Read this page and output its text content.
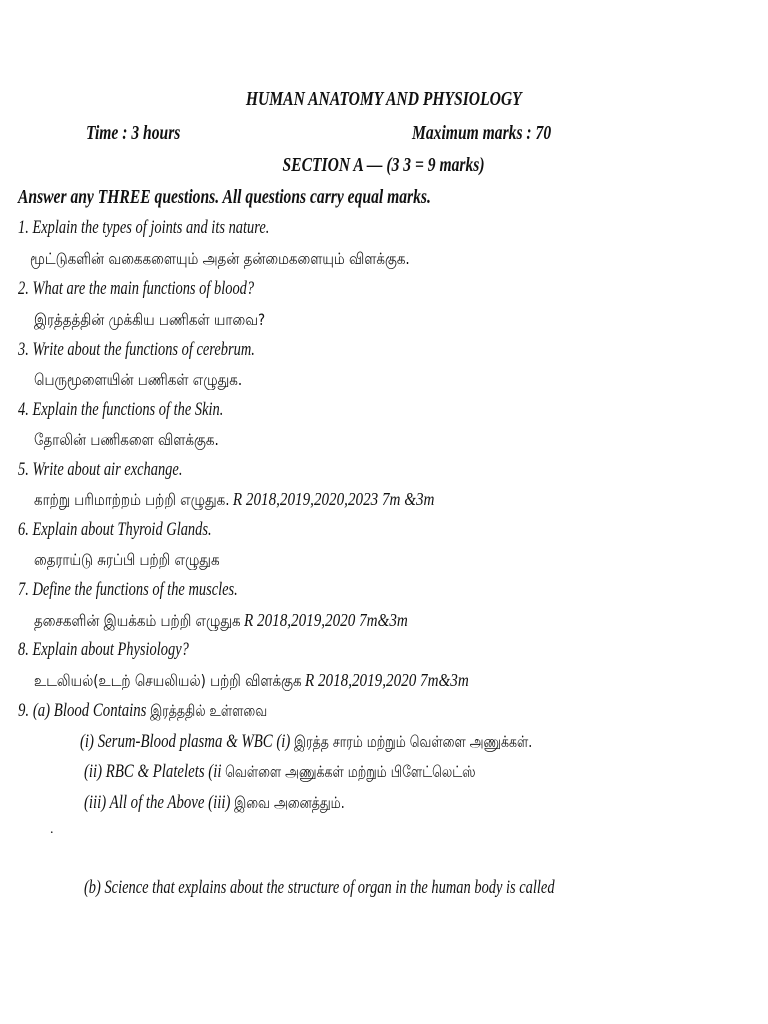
HUMAN ANATOMY AND PHYSIOLOGY
Time : 3 hours	Maximum marks : 70
SECTION A — (3 3 = 9 marks)
Answer any THREE questions. All questions carry equal marks.
1. Explain the types of joints and its nature.
மூட்டுகளின் வகைகளையும் அதன் தன்மைகளையும் விளக்குக.
2. What are the main functions of blood?
இரத்தத்தின் முக்கிய பணிகள் யாவை?
3. Write about the functions of cerebrum.
பெருமூளையின் பணிகள் எழுதுக.
4. Explain the functions of the Skin.
தோலின் பணிகளை விளக்குக.
5. Write about air exchange.
காற்று பரிமாற்றம் பற்றி எழுதுக. R 2018,2019,2020,2023 7m &3m
6. Explain about Thyroid Glands.
தைராய்டு சுரப்பி பற்றி எழுதுக
7. Define the functions of the muscles.
தசைகளின் இயக்கம் பற்றி எழுதுக R 2018,2019,2020 7m&3m
8. Explain about Physiology?
உடலியல்(உடற் செயலியல்) பற்றி விளக்குக R 2018,2019,2020 7m&3m
9. (a) Blood Contains இரத்ததில் உள்ளவை
(i) Serum-Blood plasma & WBC (i) இரத்த சாரம் மற்றும் வெள்ளை அணுக்கள்.
(ii) RBC & Platelets (ii வெள்ளை அணுக்கள் மற்றும் பிளேட்லெட்ஸ்
(iii) All of the Above (iii) இவை அனைத்தும்.
.
(b) Science that explains about the structure of organ in the human body is called
